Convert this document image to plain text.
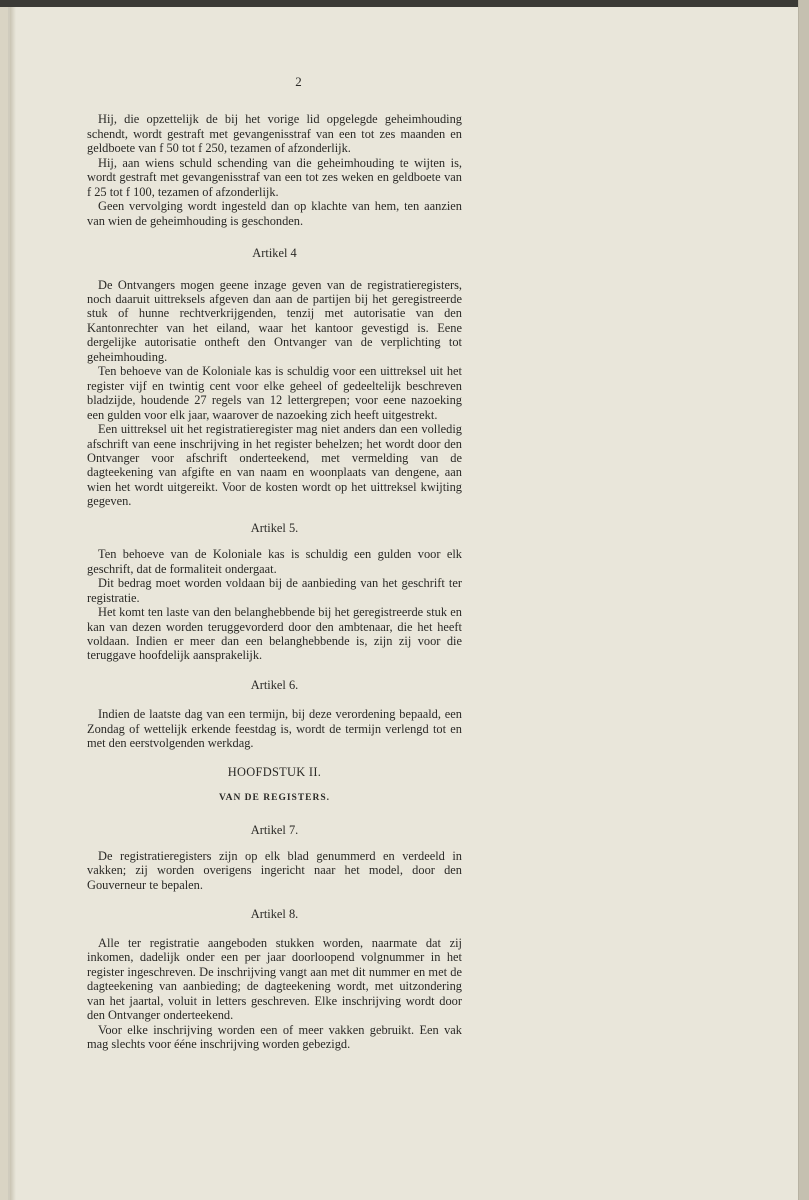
2

Hij, die opzettelijk de bij het vorige lid opgelegde geheimhouding schendt, wordt gestraft met gevangenisstraf van een tot zes maanden en geldboete van f 50 tot f 250, tezamen of afzonderlijk.

Hij, aan wiens schuld schending van die geheimhouding te wijten is, wordt gestraft met gevangenisstraf van een tot zes weken en geldboete van f 25 tot f 100, tezamen of afzonderlijk.

Geen vervolging wordt ingesteld dan op klachte van hem, ten aanzien van wien de geheimhouding is geschonden.

Artikel 4

De Ontvangers mogen geene inzage geven van de registratieregisters, noch daaruit uittreksels afgeven dan aan de partijen bij het geregistreerde stuk of hunne rechtverkrijgenden, tenzij met autorisatie van den Kantonrechter van het eiland, waar het kantoor gevestigd is. Eene dergelijke autorisatie ontheft den Ontvanger van de verplichting tot geheimhouding.

Ten behoeve van de Koloniale kas is schuldig voor een uittreksel uit het register vijf en twintig cent voor elke geheel of gedeeltelijk beschreven bladzijde, houdende 27 regels van 12 lettergrepen; voor eene nazoeking een gulden voor elk jaar, waarover de nazoeking zich heeft uitgestrekt.

Een uittreksel uit het registratieregister mag niet anders dan een volledig afschrift van eene inschrijving in het register behelzen; het wordt door den Ontvanger voor afschrift onderteekend, met vermelding van de dagteekening van afgifte en van naam en woonplaats van dengene, aan wien het wordt uitgereikt. Voor de kosten wordt op het uittreksel kwijting gegeven.

Artikel 5.

Ten behoeve van de Koloniale kas is schuldig een gulden voor elk geschrift, dat de formaliteit ondergaat.

Dit bedrag moet worden voldaan bij de aanbieding van het geschrift ter registratie.

Het komt ten laste van den belanghebbende bij het geregistreerde stuk en kan van dezen worden teruggevorderd door den ambtenaar, die het heeft voldaan. Indien er meer dan een belanghebbende is, zijn zij voor die teruggave hoofdelijk aansprakelijk.

Artikel 6.

Indien de laatste dag van een termijn, bij deze verordening bepaald, een Zondag of wettelijk erkende feestdag is, wordt de termijn verlengd tot en met den eerstvolgenden werkdag.

HOOFDSTUK II.
VAN DE REGISTERS.
Artikel 7.

De registratieregisters zijn op elk blad genummerd en verdeeld in vakken; zij worden overigens ingericht naar het model, door den Gouverneur te bepalen.

Artikel 8.

Alle ter registratie aangeboden stukken worden, naarmate dat zij inkomen, dadelijk onder een per jaar doorloopend volgnummer in het register ingeschreven. De inschrijving vangt aan met dit nummer en met de dagteekening van aanbieding; de dagteekening wordt, met uitzondering van het jaartal, voluit in letters geschreven. Elke inschrijving wordt door den Ontvanger onderteekend.

Voor elke inschrijving worden een of meer vakken gebruikt. Een vak mag slechts voor ééne inschrijving worden gebezigd.
